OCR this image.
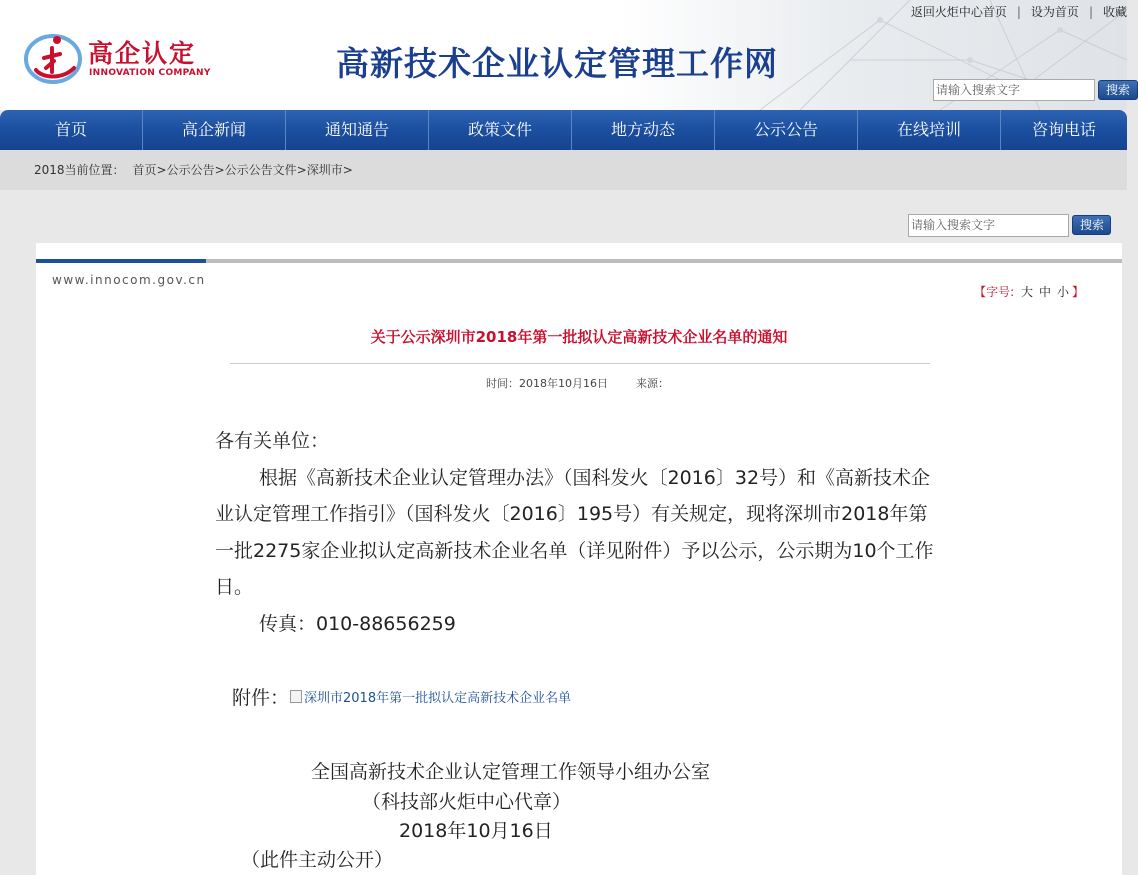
高企认定
INNOVATION COMPANY	高新技术企业认定管理工作网
返回火炬中心首页 | 设为首页 | 收藏
请输入搜索文字	搜索
首页	高企新闻	通知通告	政策文件	地方动态	公示公告	在线培训	咨询电话
2018当前位置： 首页>公示公告>公示公告文件>深圳市>
请输入搜索文字	搜索
www.innocom.gov.cn
【字号: 大 中 小 】
关于公示深圳市2018年第一批拟认定高新技术企业名单的通知
时间：2018年10月16日	来源：

各有关单位：

根据《高新技术企业认定管理办法》（国科发火〔2016〕32号）和《高新技术企业认定管理工作指引》（国科发火〔2016〕195号）有关规定，现将深圳市2018年第一批2275家企业拟认定高新技术企业名单（详见附件）予以公示，公示期为10个工作日。

传真：010-88656259

附件： 深圳市2018年第一批拟认定高新技术企业名单
全国高新技术企业认定管理工作领导小组办公室
（科技部火炬中心代章）
2018年10月16日
（此件主动公开）
